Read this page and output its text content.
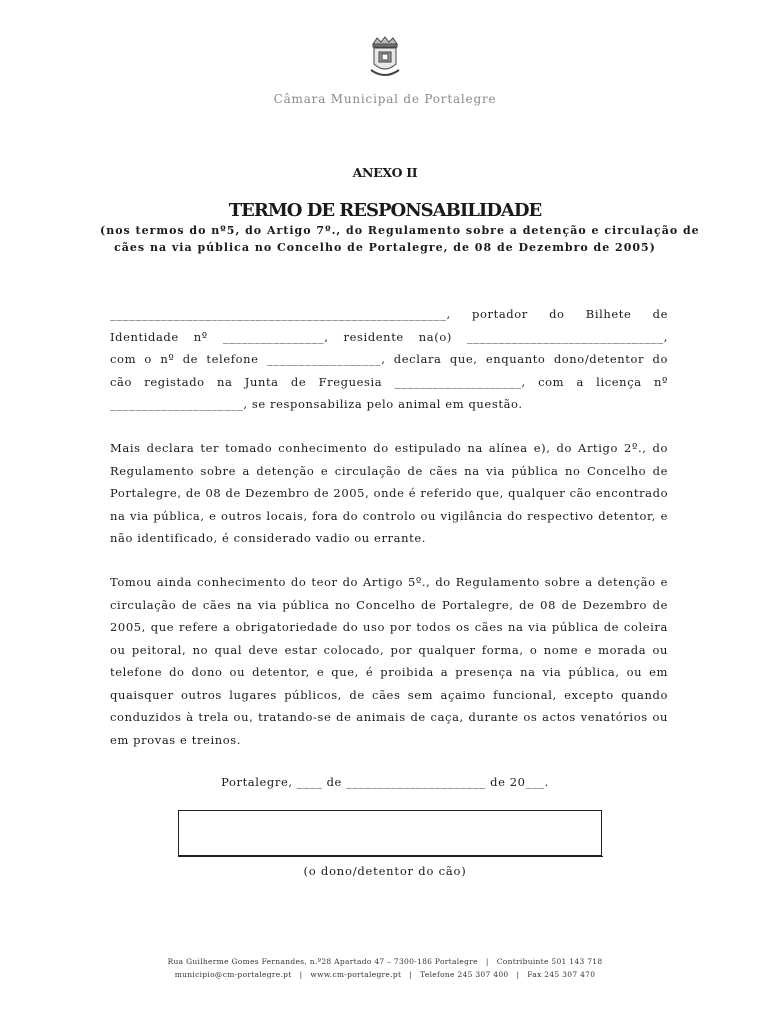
Câmara Municipal de Portalegre
ANEXO II
TERMO DE RESPONSABILIDADE
(nos termos do nº5, do Artigo 7º., do Regulamento sobre a detenção e circulação de
cães na via pública no Concelho de Portalegre, de 08 de Dezembro de 2005)
_____________________________________________________, portador do Bilhete de
Identidade nº ________________, residente na(o) _______________________________,
com o nº de telefone __________________, declara que, enquanto dono/detentor do
cão registado na Junta de Freguesia ____________________, com a licença nº
_____________________, se responsabiliza pelo animal em questão.
Mais declara ter tomado conhecimento do estipulado na alínea e), do Artigo 2º., do
Regulamento sobre a detenção e circulação de cães na via pública no Concelho de
Portalegre, de 08 de Dezembro de 2005, onde é referido que, qualquer cão encontrado
na via pública, e outros locais, fora do controlo ou vigilância do respectivo detentor, e
não identificado, é considerado vadio ou errante.
Tomou ainda conhecimento do teor do Artigo 5º., do Regulamento sobre a detenção e
circulação de cães na via pública no Concelho de Portalegre, de 08 de Dezembro de
2005, que refere a obrigatoriedade do uso por todos os cães na via pública de coleira
ou peitoral, no qual deve estar colocado, por qualquer forma, o nome e morada ou
telefone do dono ou detentor, e que, é proibida a presença na via pública, ou em
quaisquer outros lugares públicos, de cães sem açaimo funcional, excepto quando
conduzidos à trela ou, tratando-se de animais de caça, durante os actos venatórios ou
em provas e treinos.
Portalegre, ____ de ______________________ de 20___.
(o dono/detentor do cão)
Rua Guilherme Gomes Fernandes, n.º28 Apartado 47 – 7300-186 Portalegre | Contribuinte 501 143 718
municipio@cm-portalegre.pt | www.cm-portalegre.pt | Telefone 245 307 400 | Fax 245 307 470
